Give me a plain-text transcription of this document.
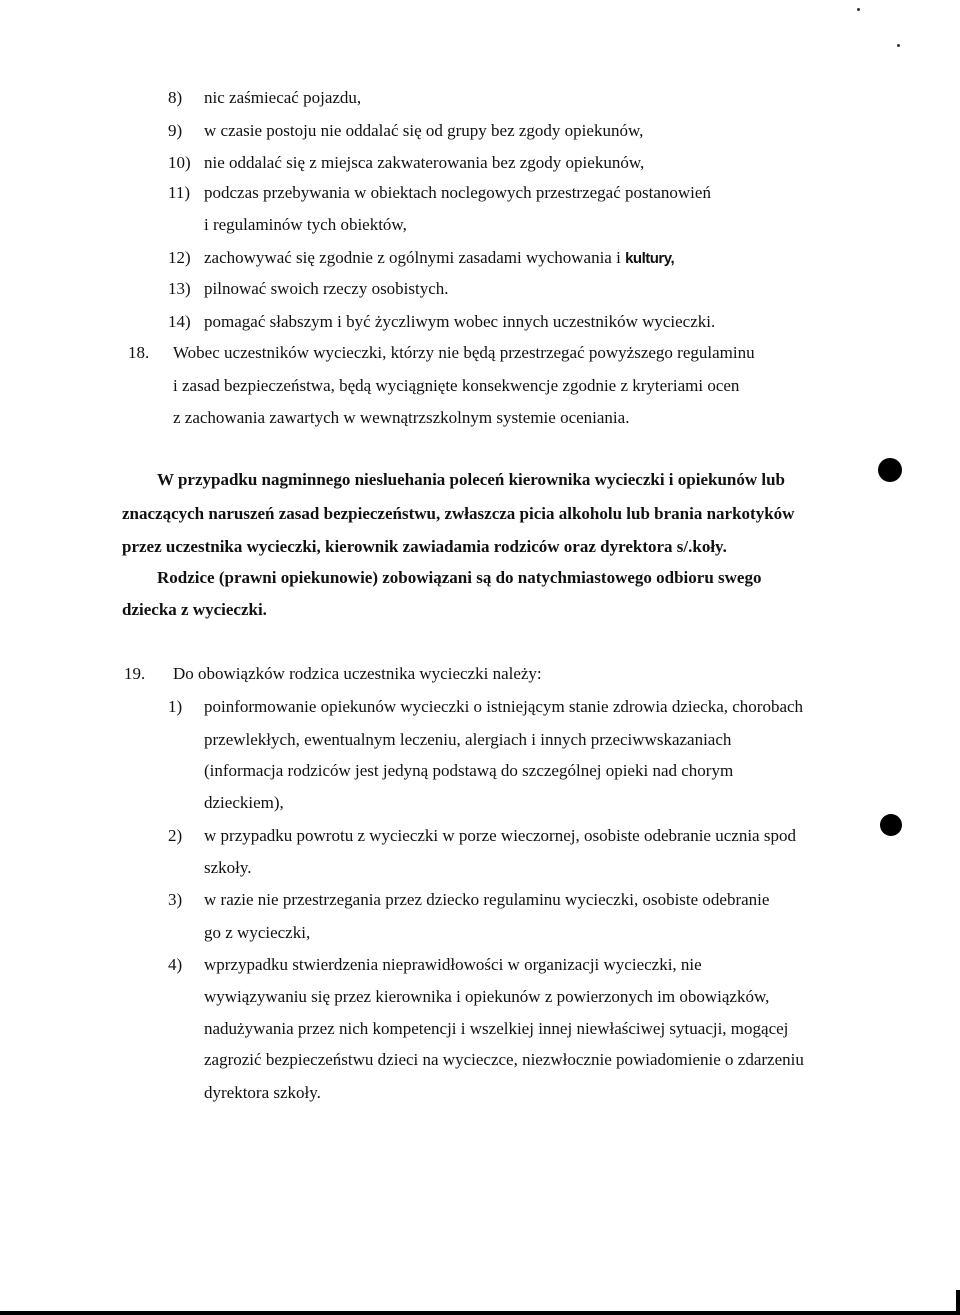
8) nic zaśmiecać pojazdu,
9) w czasie postoju nie oddalać się od grupy bez zgody opiekunów,
10) nie oddalać się z miejsca zakwaterowania bez zgody opiekunów,
11) podczas przebywania w obiektach noclegowych przestrzegać postanowień
i regulaminów tych obiektów,
12) zachowywać się zgodnie z ogólnymi zasadami wychowania i kultury,
13) pilnować swoich rzeczy osobistych.
14) pomagać słabszym i być życzliwym wobec innych uczestników wycieczki.
18. Wobec uczestników wycieczki, którzy nie będą przestrzegać powyższego regulaminu
i zasad bezpieczeństwa, będą wyciągnięte konsekwencje zgodnie z kryteriami ocen
z zachowania zawartych w wewnątrzszkolnym systemie oceniania.
W przypadku nagminnego niesluehania poleceń kierownika wycieczki i opiekunów lub
znaczących naruszeń zasad bezpieczeństwu, zwłaszcza picia alkoholu lub brania narkotyków
przez uczestnika wycieczki, kierownik zawiadamia rodziców oraz dyrektora s/.koły.
Rodzice (prawni opiekunowie) zobowiązani są do natychmiastowego odbioru swego
dziecka z wycieczki.
19. Do obowiązków rodzica uczestnika wycieczki należy:
1) poinformowanie opiekunów wycieczki o istniejącym stanie zdrowia dziecka, chorobach
przewlekłych, ewentualnym leczeniu, alergiach i innych przeciwwskazaniach
(informacja rodziców jest jedyną podstawą do szczególnej opieki nad chorym
dzieckiem),
2) w przypadku powrotu z wycieczki w porze wieczornej, osobiste odebranie ucznia spod
szkoły.
3) w razie nie przestrzegania przez dziecko regulaminu wycieczki, osobiste odebranie
go z wycieczki,
4) wprzypadku stwierdzenia nieprawidłowości w organizacji wycieczki, nie
wywiązywaniu się przez kierownika i opiekunów z powierzonych im obowiązków,
nadużywania przez nich kompetencji i wszelkiej innej niewłaściwej sytuacji, mogącej
zagrozić bezpieczeństwu dzieci na wycieczce, niezwłocznie powiadomienie o zdarzeniu
dyrektora szkoły.
